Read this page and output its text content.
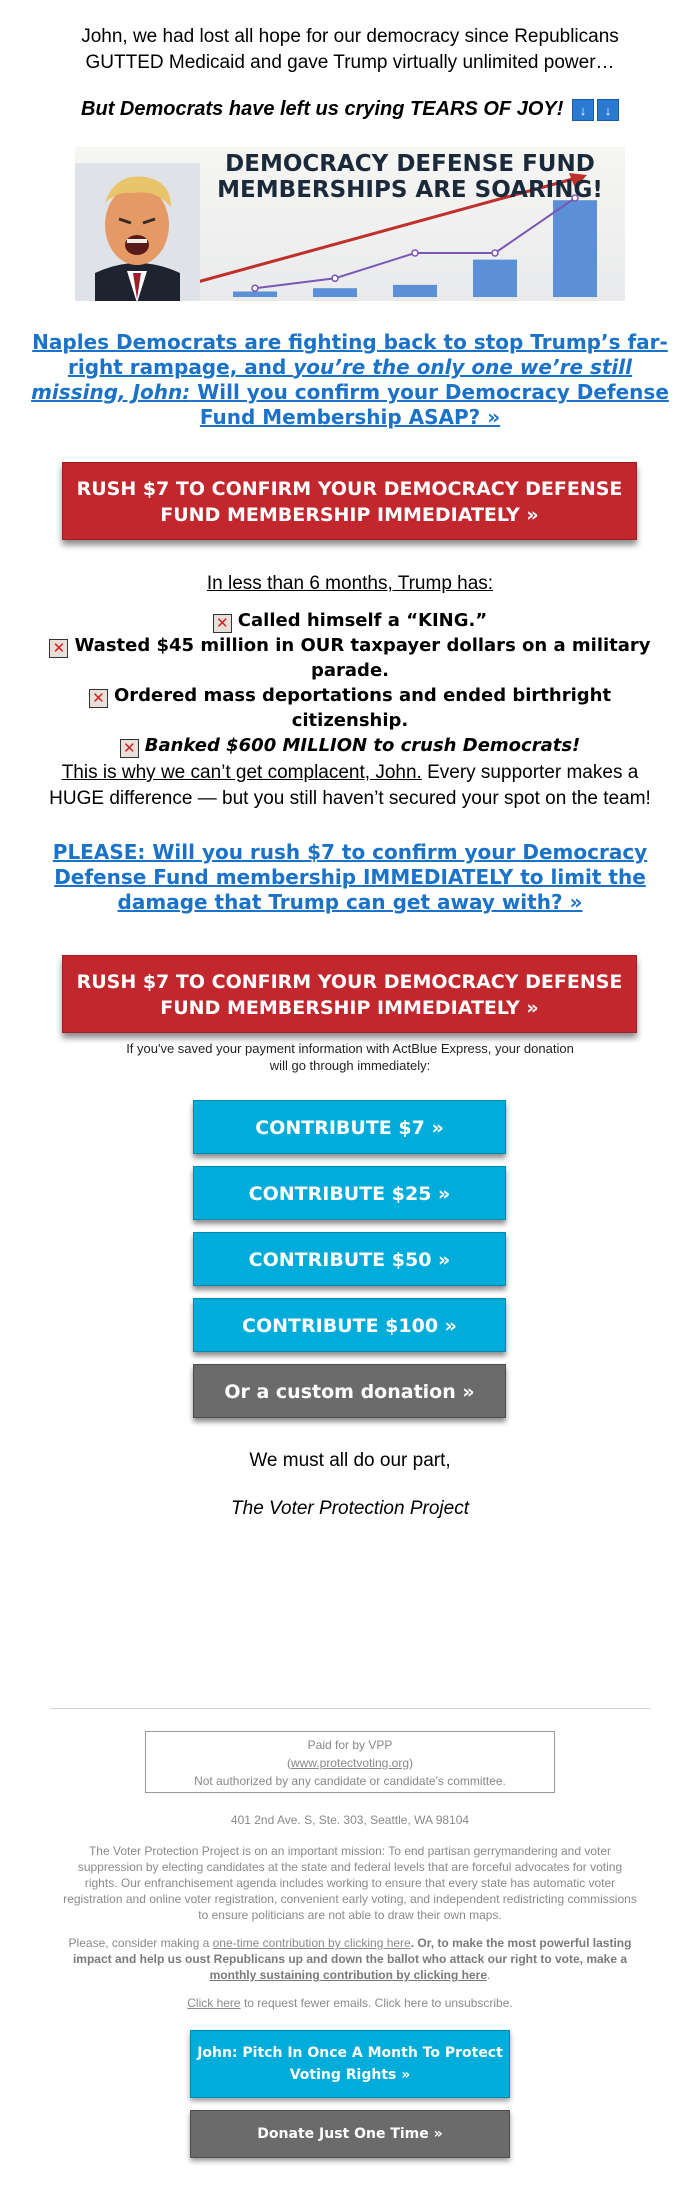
John, we had lost all hope for our democracy since Republicans GUTTED Medicaid and gave Trump virtually unlimited power…

But Democrats have left us crying TEARS OF JOY! ↓ ↓

DEMOCRACY DEFENSE FUND MEMBERSHIPS ARE SOARING!

Naples Democrats are fighting back to stop Trump’s far-right rampage, and you’re the only one we’re still missing, John: Will you confirm your Democracy Defense Fund Membership ASAP? »

RUSH $7 TO CONFIRM YOUR DEMOCRACY DEFENSE FUND MEMBERSHIP IMMEDIATELY »

In less than 6 months, Trump has:

✕ Called himself a “KING.”
✕ Wasted $45 million in OUR taxpayer dollars on a military parade.
✕ Ordered mass deportations and ended birthright citizenship.
✕ Banked $600 MILLION to crush Democrats!

This is why we can’t get complacent, John. Every supporter makes a HUGE difference — but you still haven’t secured your spot on the team!

PLEASE: Will you rush $7 to confirm your Democracy Defense Fund membership IMMEDIATELY to limit the damage that Trump can get away with? »

RUSH $7 TO CONFIRM YOUR DEMOCRACY DEFENSE FUND MEMBERSHIP IMMEDIATELY »

If you've saved your payment information with ActBlue Express, your donation will go through immediately:

CONTRIBUTE $7 »
CONTRIBUTE $25 »
CONTRIBUTE $50 »
CONTRIBUTE $100 »
Or a custom donation »

We must all do our part,

The Voter Protection Project

Paid for by VPP
(www.protectvoting.org)
Not authorized by any candidate or candidate's committee.

401 2nd Ave. S, Ste. 303, Seattle, WA 98104

The Voter Protection Project is on an important mission: To end partisan gerrymandering and voter suppression by electing candidates at the state and federal levels that are forceful advocates for voting rights. Our enfranchisement agenda includes working to ensure that every state has automatic voter registration and online voter registration, convenient early voting, and independent redistricting commissions to ensure politicians are not able to draw their own maps.

Please, consider making a one-time contribution by clicking here. Or, to make the most powerful lasting impact and help us oust Republicans up and down the ballot who attack our right to vote, make a monthly sustaining contribution by clicking here.

Click here to request fewer emails. Click here to unsubscribe.

John: Pitch In Once A Month To Protect Voting Rights »
Donate Just One Time »
